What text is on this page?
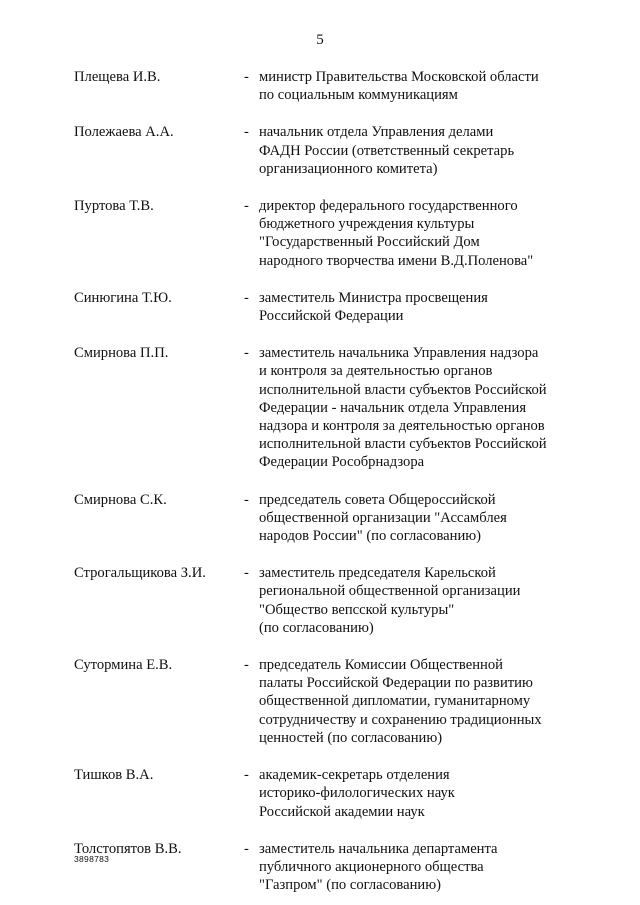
5
Плещева И.В.	- министр Правительства Московской области
по социальным коммуникациям
Полежаева А.А.	- начальник отдела Управления делами
ФАДН России (ответственный секретарь
организационного комитета)
Пуртова Т.В.	- директор федерального государственного
бюджетного учреждения культуры
"Государственный Российский Дом
народного творчества имени В.Д.Поленова"
Синюгина Т.Ю.	- заместитель Министра просвещения
Российской Федерации
Смирнова П.П.	- заместитель начальника Управления надзора
и контроля за деятельностью органов
исполнительной власти субъектов Российской
Федерации - начальник отдела Управления
надзора и контроля за деятельностью органов
исполнительной власти субъектов Российской
Федерации Рособрнадзора
Смирнова С.К.	- председатель совета Общероссийской
общественной организации "Ассамблея
народов России" (по согласованию)
Строгальщикова З.И.	- заместитель председателя Карельской
региональной общественной организации
"Общество вепсской культуры"
(по согласованию)
Сутормина Е.В.	- председатель Комиссии Общественной
палаты Российской Федерации по развитию
общественной дипломатии, гуманитарному
сотрудничеству и сохранению традиционных
ценностей (по согласованию)
Тишков В.А.	- академик-секретарь отделения
историко-филологических наук
Российской академии наук
Толстопятов В.В.	- заместитель начальника департамента
публичного акционерного общества
"Газпром" (по согласованию)
3898783
